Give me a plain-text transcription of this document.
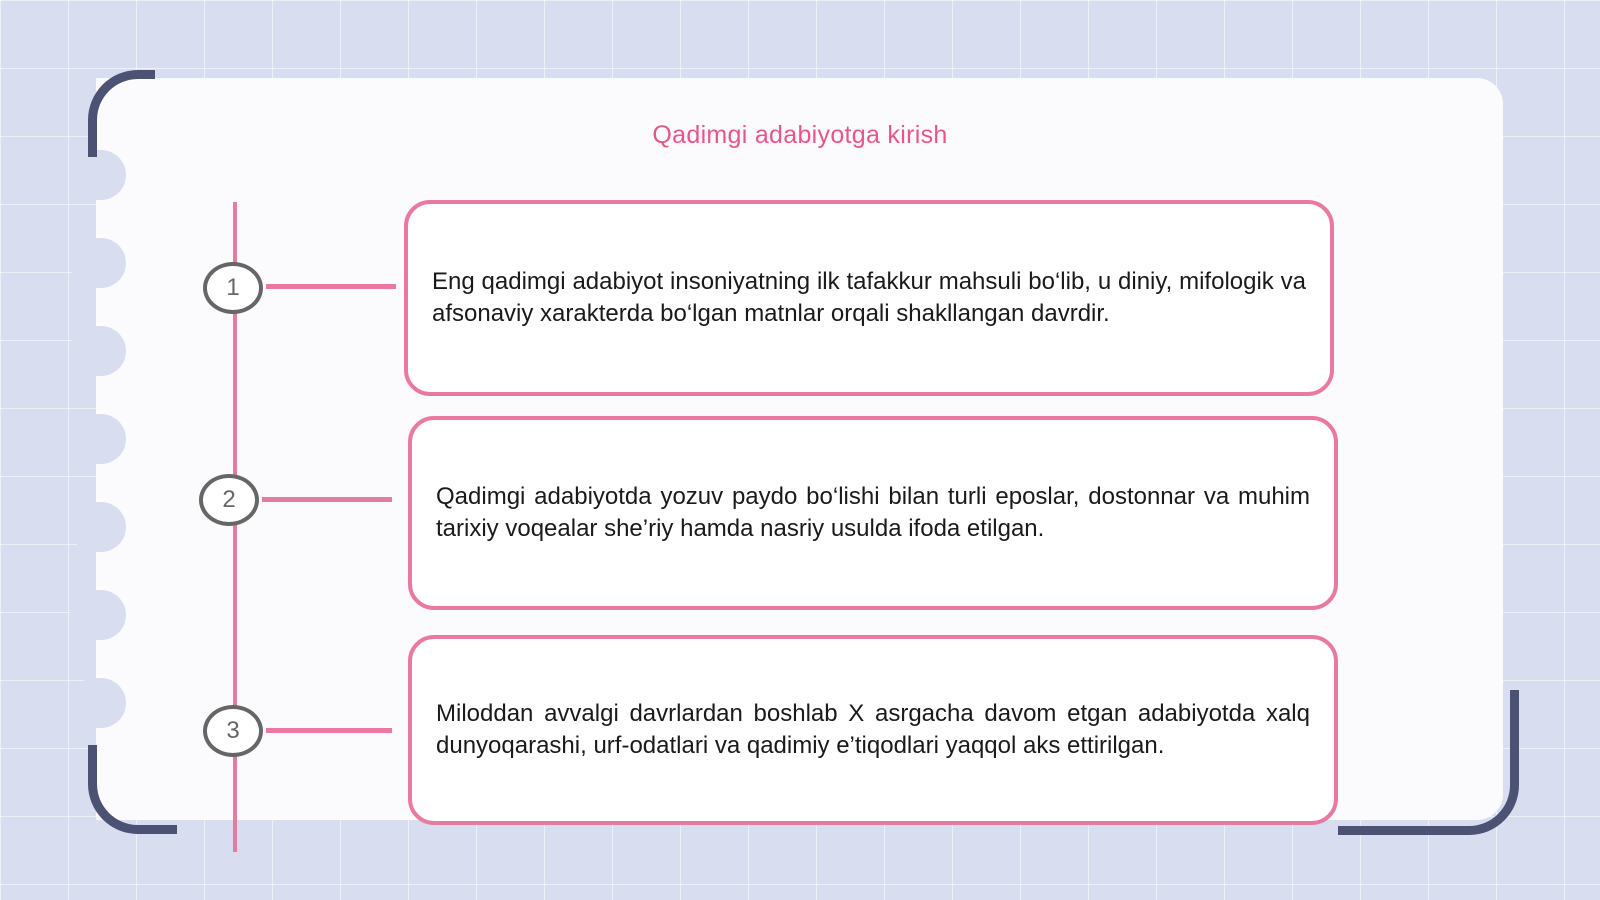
Qadimgi adabiyotga kirish
1
2
3

Eng qadimgi adabiyot insoniyatning ilk tafakkur mahsuli bo‘lib, u diniy, mifologik va afsonaviy xarakterda bo‘lgan matnlar orqali shakllangan davrdir.

Qadimgi adabiyotda yozuv paydo bo‘lishi bilan turli eposlar, dostonnar va muhim tarixiy voqealar she’riy hamda nasriy usulda ifoda etilgan.

Miloddan avvalgi davrlardan boshlab X asrgacha davom etgan adabiyotda xalq dunyoqarashi, urf-odatlari va qadimiy e’tiqodlari yaqqol aks ettirilgan.
